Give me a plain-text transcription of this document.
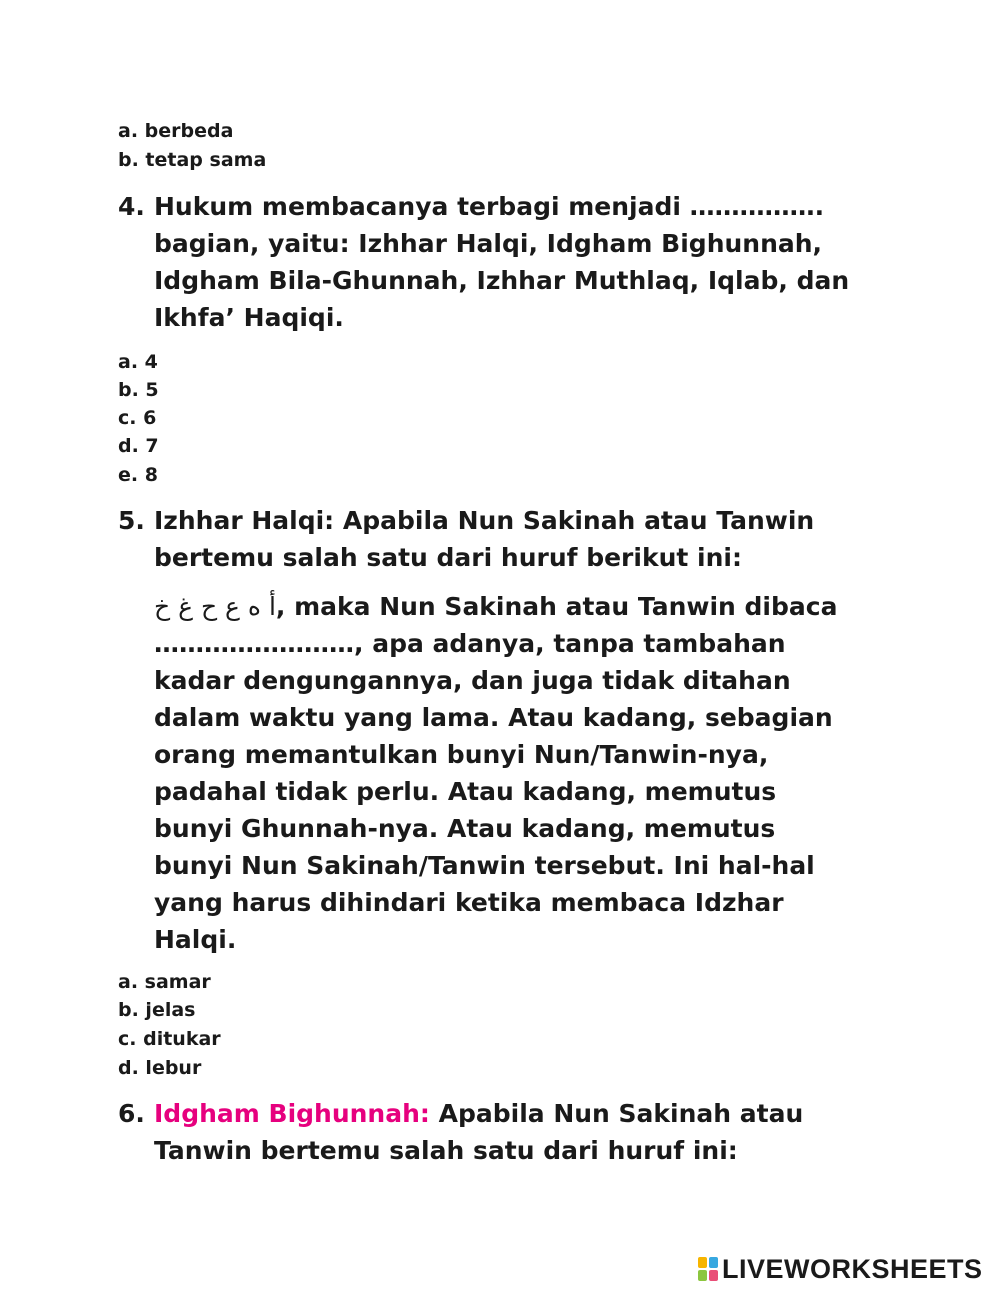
a. berbeda
b. tetap sama
4. Hukum membacanya terbagi menjadi …………….
bagian, yaitu: Izhhar Halqi, Idgham Bighunnah,
Idgham Bila-Ghunnah, Izhhar Muthlaq, Iqlab, dan
Ikhfa’ Haqiqi.
a. 4
b. 5
c. 6
d. 7
e. 8
5. Izhhar Halqi: Apabila Nun Sakinah atau Tanwin
bertemu salah satu dari huruf berikut ini:
أ ه ع ح غ خ, maka Nun Sakinah atau Tanwin dibaca
……………………, apa adanya, tanpa tambahan
kadar dengungannya, dan juga tidak ditahan
dalam waktu yang lama. Atau kadang, sebagian
orang memantulkan bunyi Nun/Tanwin-nya,
padahal tidak perlu. Atau kadang, memutus
bunyi Ghunnah-nya. Atau kadang, memutus
bunyi Nun Sakinah/Tanwin tersebut. Ini hal-hal
yang harus dihindari ketika membaca Idzhar
Halqi.
a. samar
b. jelas
c. ditukar
d. lebur
6. Idgham Bighunnah: Apabila Nun Sakinah atau
Tanwin bertemu salah satu dari huruf ini:
LIVEWORKSHEETS
